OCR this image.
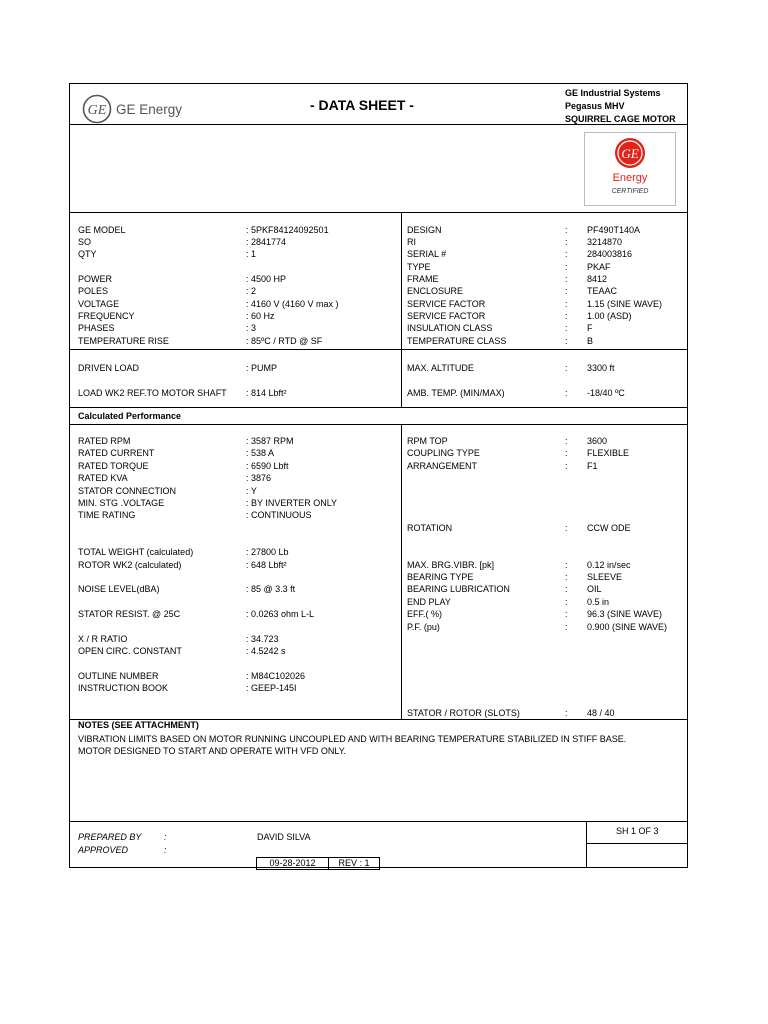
GE GE Energy	- DATA SHEET -
GE Industrial Systems
Pegasus MHV
SQUIRREL CAGE MOTOR
GE
Energy
CERTIFIED
GE MODEL	: 5PKF84124092501
SO	: 2841774
QTY	: 1
POWER	: 4500 HP
POLES	: 2
VOLTAGE	: 4160 V (4160 V max )
FREQUENCY	: 60 Hz
PHASES	: 3
TEMPERATURE RISE	: 85ºC / RTD @ SF
DESIGN	: PF490T140A
RI	: 3214870
SERIAL #	: 284003816
TYPE	: PKAF
FRAME	: 8412
ENCLOSURE	: TEAAC
SERVICE FACTOR	: 1.15 (SINE WAVE)
SERVICE FACTOR	: 1.00 (ASD)
INSULATION CLASS	: F
TEMPERATURE CLASS	: B
DRIVEN LOAD	: PUMP
LOAD WK2 REF.TO MOTOR SHAFT : 814 Lbft²
MAX. ALTITUDE	: 3300 ft
AMB. TEMP. (MIN/MAX)	: -18/40 ºC
Calculated Performance
RATED RPM	: 3587 RPM
RATED CURRENT	: 538 A
RATED TORQUE	: 6590 Lbft
RATED KVA	: 3876
STATOR CONNECTION	: Y
MIN. STG .VOLTAGE	: BY INVERTER ONLY
TIME RATING	: CONTINUOUS
TOTAL WEIGHT (calculated)	: 27800 Lb
ROTOR WK2 (calculated)	: 648 Lbft²
NOISE LEVEL(dBA)	: 85 @ 3.3 ft
STATOR RESIST. @ 25C	: 0.0263 ohm L-L
X / R RATIO	: 34.723
OPEN CIRC. CONSTANT	: 4.5242 s
OUTLINE NUMBER	: M84C102026
INSTRUCTION BOOK	: GEEP-145I
RPM TOP	: 3600
COUPLING TYPE	: FLEXIBLE
ARRANGEMENT	: F1
ROTATION	: CCW ODE
MAX. BRG.VIBR. [pk]	: 0.12 in/sec
BEARING TYPE	: SLEEVE
BEARING LUBRICATION	: OIL
END PLAY	: 0.5 in
EFF.( %)	: 96.3 (SINE WAVE)
P.F. (pu)	: 0.900 (SINE WAVE)
STATOR / ROTOR (SLOTS)	: 48 / 40
NOTES (SEE ATTACHMENT)
VIBRATION LIMITS BASED ON MOTOR RUNNING UNCOUPLED AND WITH BEARING TEMPERATURE STABILIZED IN STIFF BASE.
MOTOR DESIGNED TO START AND OPERATE WITH VFD ONLY.
PREPARED BY	:	DAVID SILVA
APPROVED	:
SH 1 OF 3
09-28-2012	REV : 1
